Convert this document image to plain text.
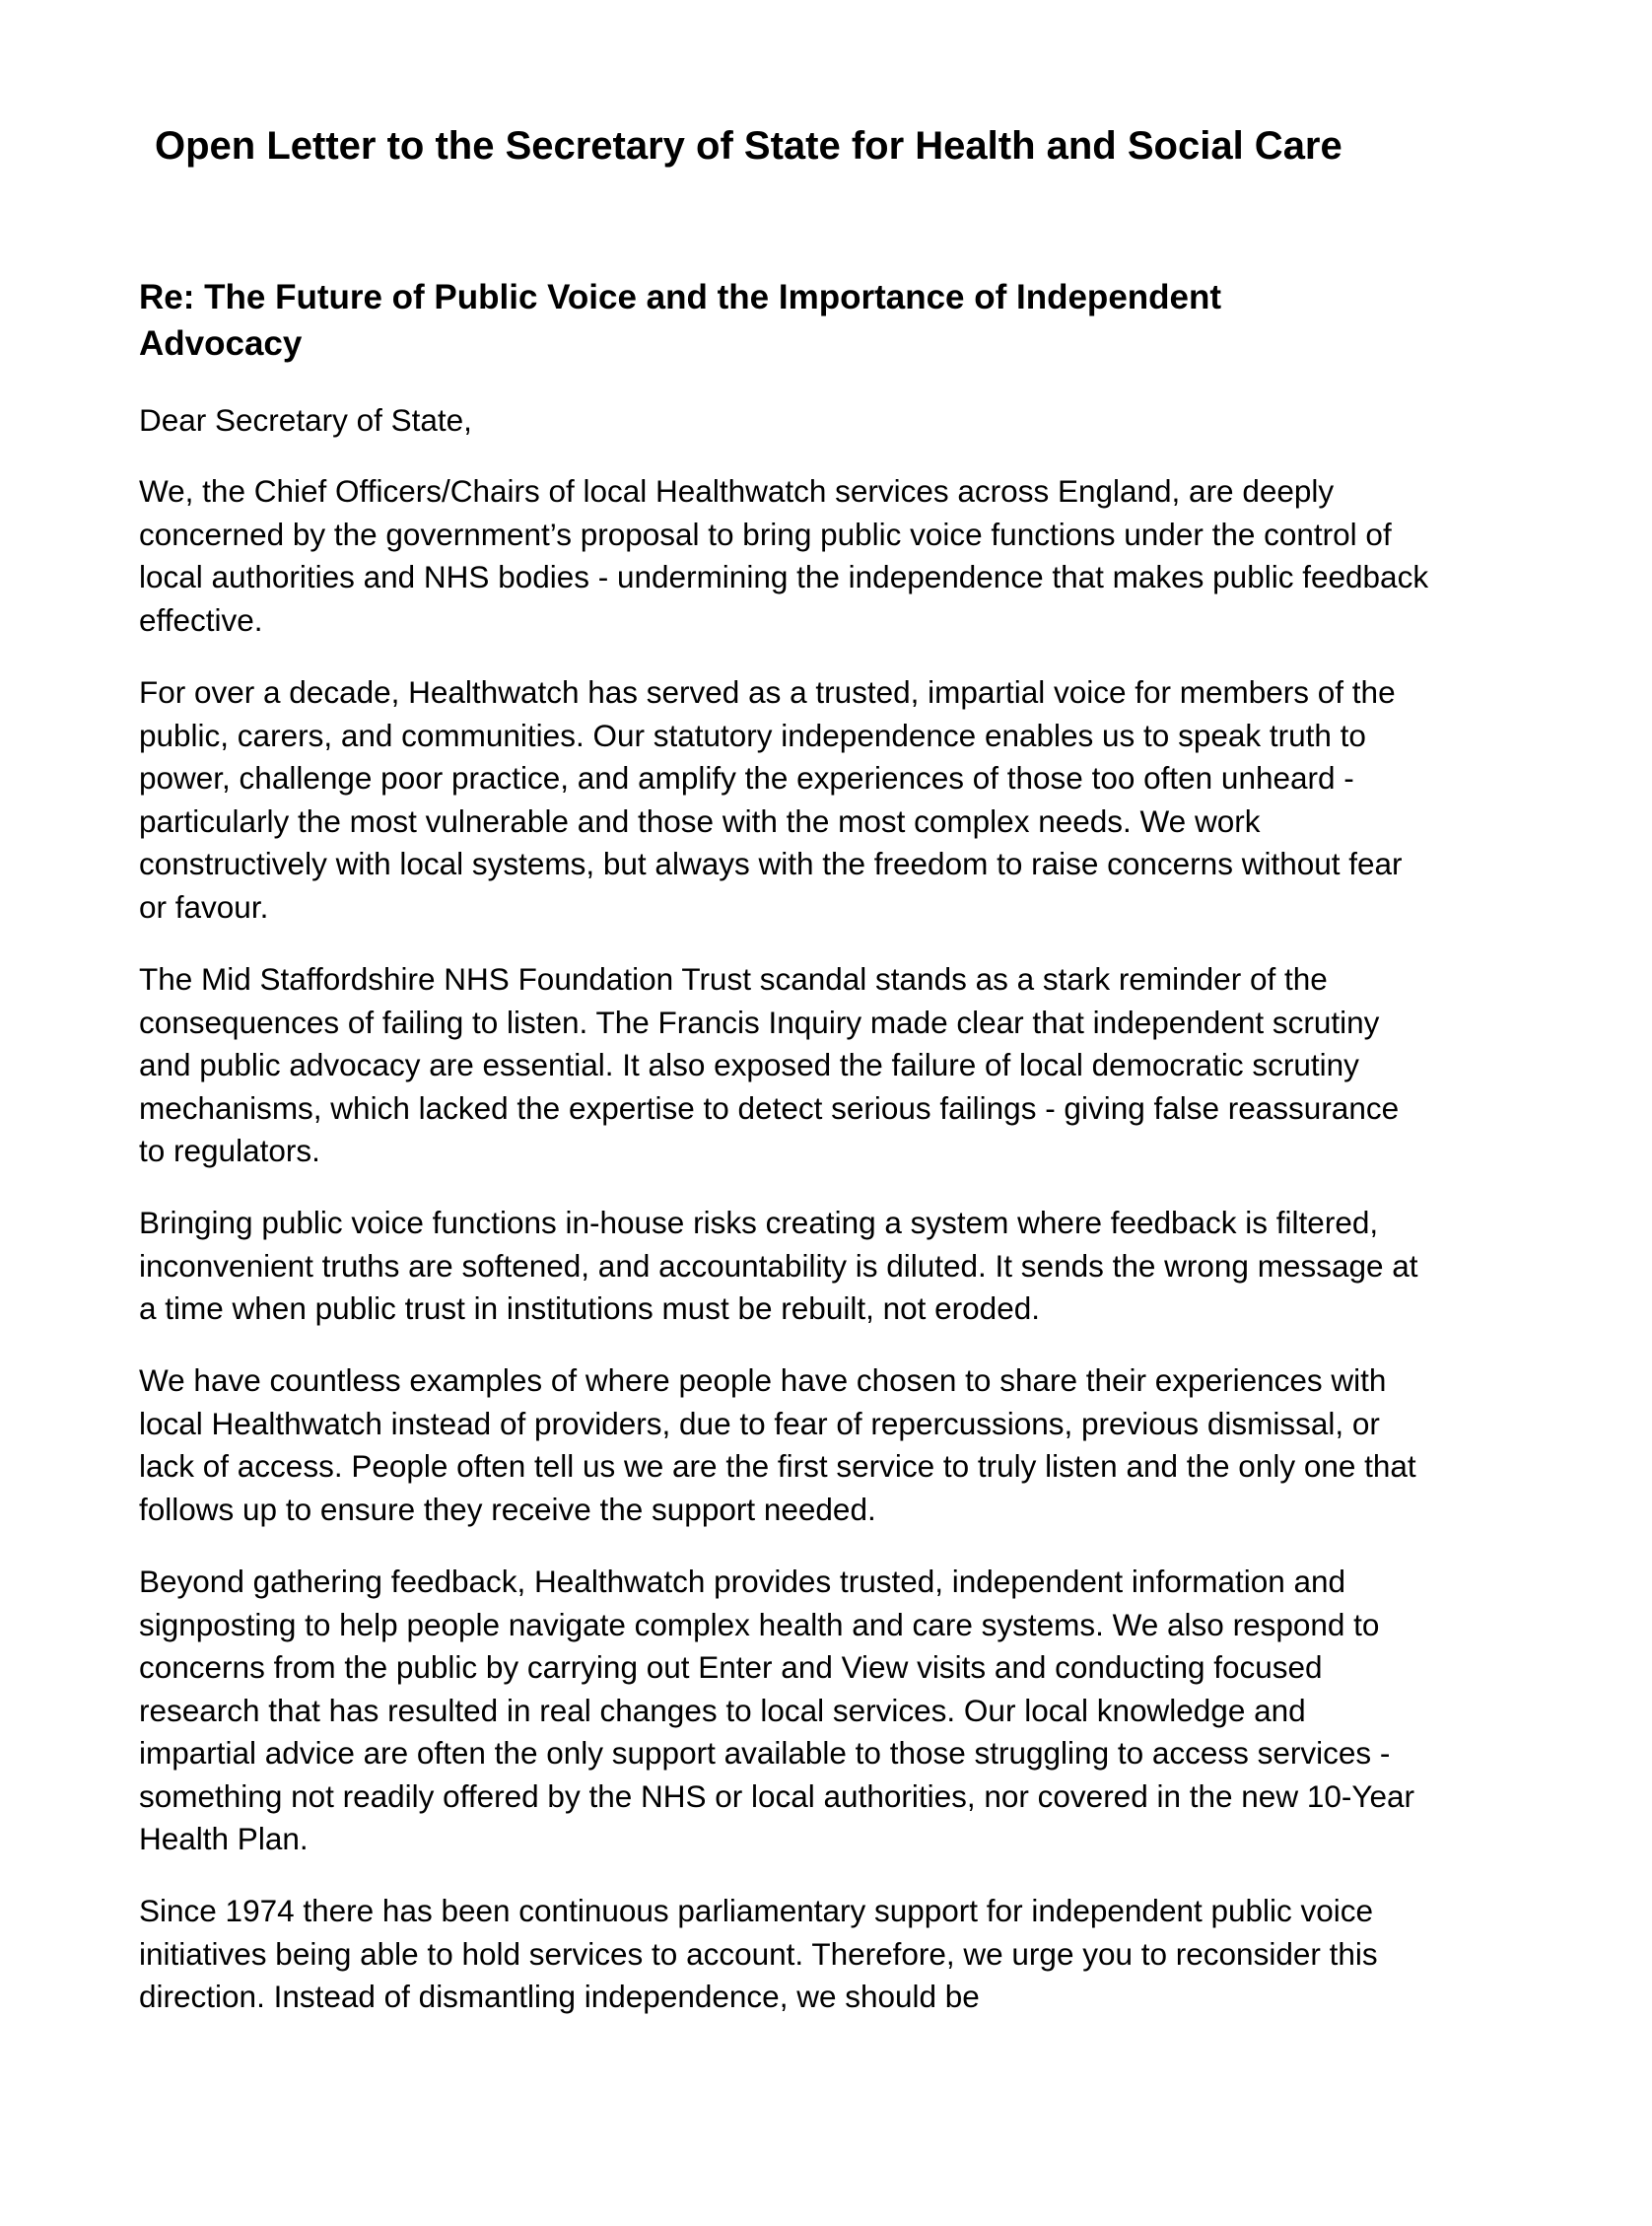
Open Letter to the Secretary of State for Health and Social Care
Re: The Future of Public Voice and the Importance of Independent Advocacy

Dear Secretary of State,

We, the Chief Officers/Chairs of local Healthwatch services across England, are deeply concerned by the government’s proposal to bring public voice functions under the control of local authorities and NHS bodies - undermining the independence that makes public feedback effective.

For over a decade, Healthwatch has served as a trusted, impartial voice for members of the public, carers, and communities. Our statutory independence enables us to speak truth to power, challenge poor practice, and amplify the experiences of those too often unheard - particularly the most vulnerable and those with the most complex needs. We work constructively with local systems, but always with the freedom to raise concerns without fear or favour.

The Mid Staffordshire NHS Foundation Trust scandal stands as a stark reminder of the consequences of failing to listen. The Francis Inquiry made clear that independent scrutiny and public advocacy are essential. It also exposed the failure of local democratic scrutiny mechanisms, which lacked the expertise to detect serious failings - giving false reassurance to regulators.

Bringing public voice functions in-house risks creating a system where feedback is filtered, inconvenient truths are softened, and accountability is diluted. It sends the wrong message at a time when public trust in institutions must be rebuilt, not eroded.

We have countless examples of where people have chosen to share their experiences with local Healthwatch instead of providers, due to fear of repercussions, previous dismissal, or lack of access. People often tell us we are the first service to truly listen and the only one that follows up to ensure they receive the support needed.

Beyond gathering feedback, Healthwatch provides trusted, independent information and signposting to help people navigate complex health and care systems. We also respond to concerns from the public by carrying out Enter and View visits and conducting focused research that has resulted in real changes to local services. Our local knowledge and impartial advice are often the only support available to those struggling to access services - something not readily offered by the NHS or local authorities, nor covered in the new 10-Year Health Plan.

Since 1974 there has been continuous parliamentary support for independent public voice initiatives being able to hold services to account. Therefore, we urge you to reconsider this direction. Instead of dismantling independence, we should be
